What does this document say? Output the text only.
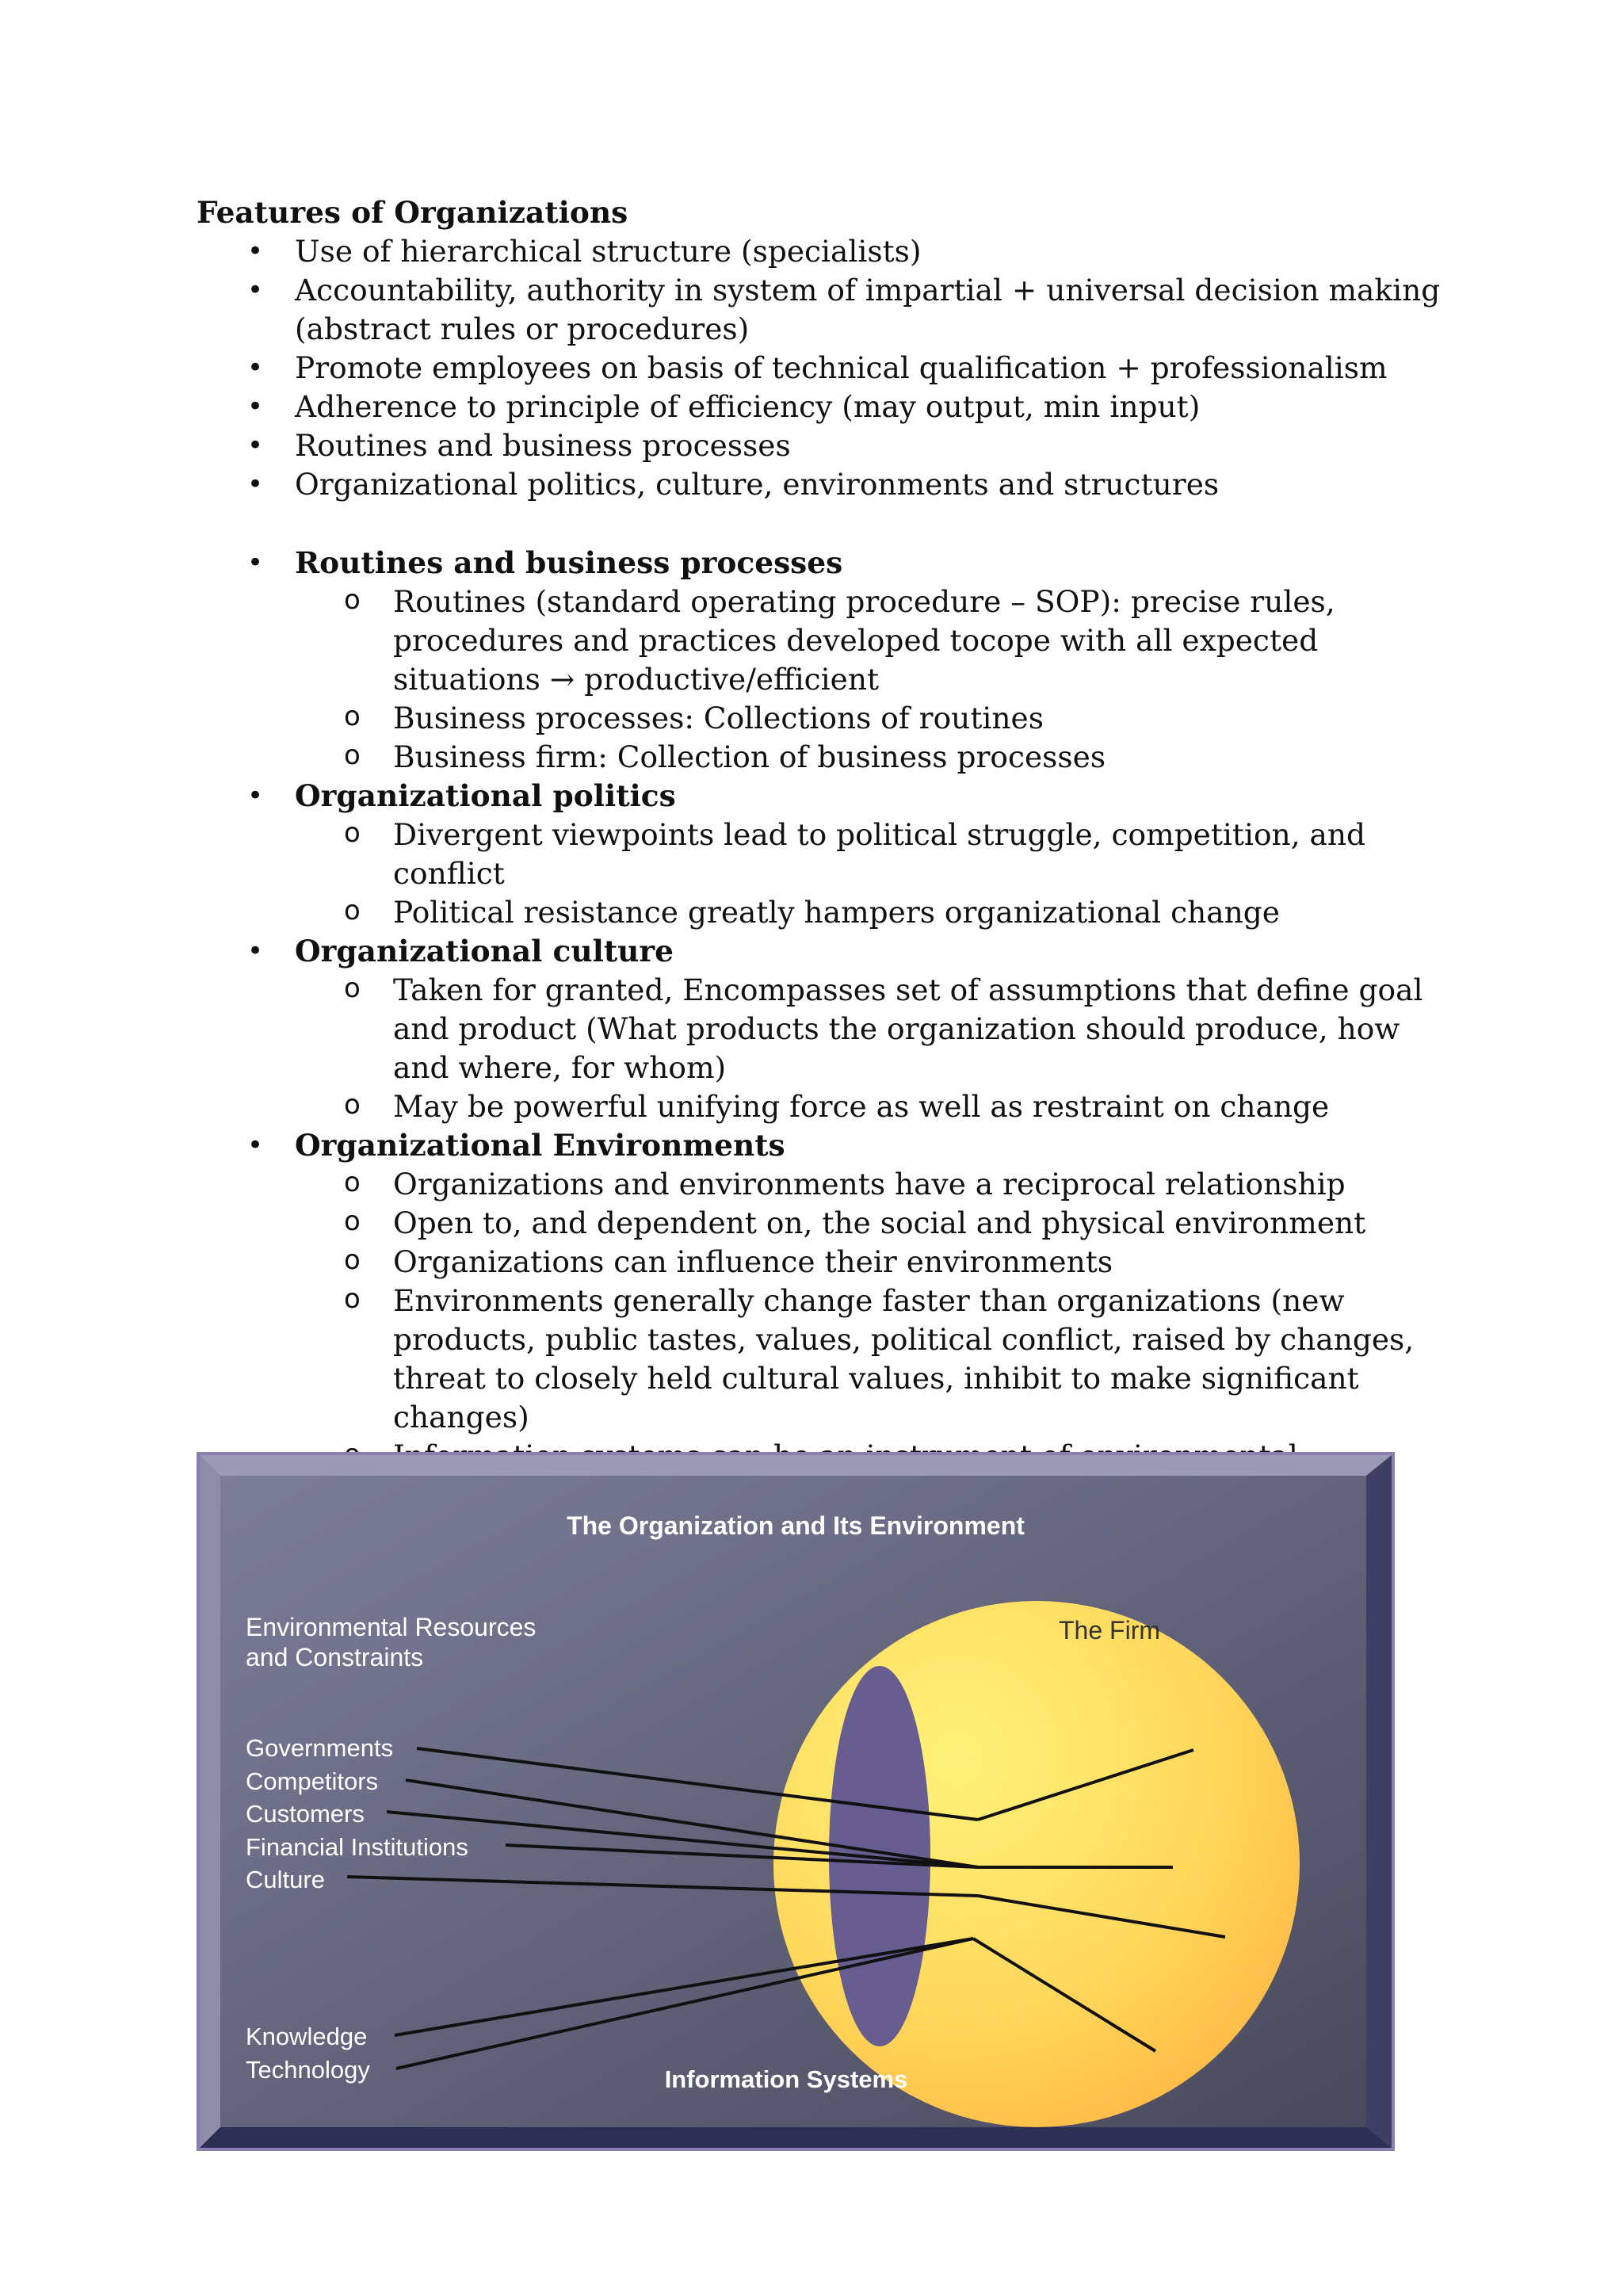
Features of Organizations

• Use of hierarchical structure (specialists)
• Accountability, authority in system of impartial + universal decision making (abstract rules or procedures)
• Promote employees on basis of technical qualification + professionalism
• Adherence to principle of efficiency (may output, min input)
• Routines and business processes
• Organizational politics, culture, environments and structures
• Routines and business processes
o Routines (standard operating procedure – SOP): precise rules, procedures and practices developed tocope with all expected situations → productive/efficient
o Business processes: Collections of routines
o Business firm: Collection of business processes
• Organizational politics
o Divergent viewpoints lead to political struggle, competition, and conflict
o Political resistance greatly hampers organizational change
• Organizational culture
o Taken for granted, Encompasses set of assumptions that define goal and product (What products the organization should produce, how and where, for whom)
o May be powerful unifying force as well as restraint on change
• Organizational Environments
o Organizations and environments have a reciprocal relationship
o Open to, and dependent on, the social and physical environment
o Organizations can influence their environments
o Environments generally change faster than organizations (new products, public tastes, values, political conflict, raised by changes, threat to closely held cultural values, inhibit to make significant changes)
The Organization and Its Environment
Environmental Resources
and Constraints
The Firm
Governments
Competitors
Customers
Financial Institutions
Culture
Knowledge
Technology	Information Systems
